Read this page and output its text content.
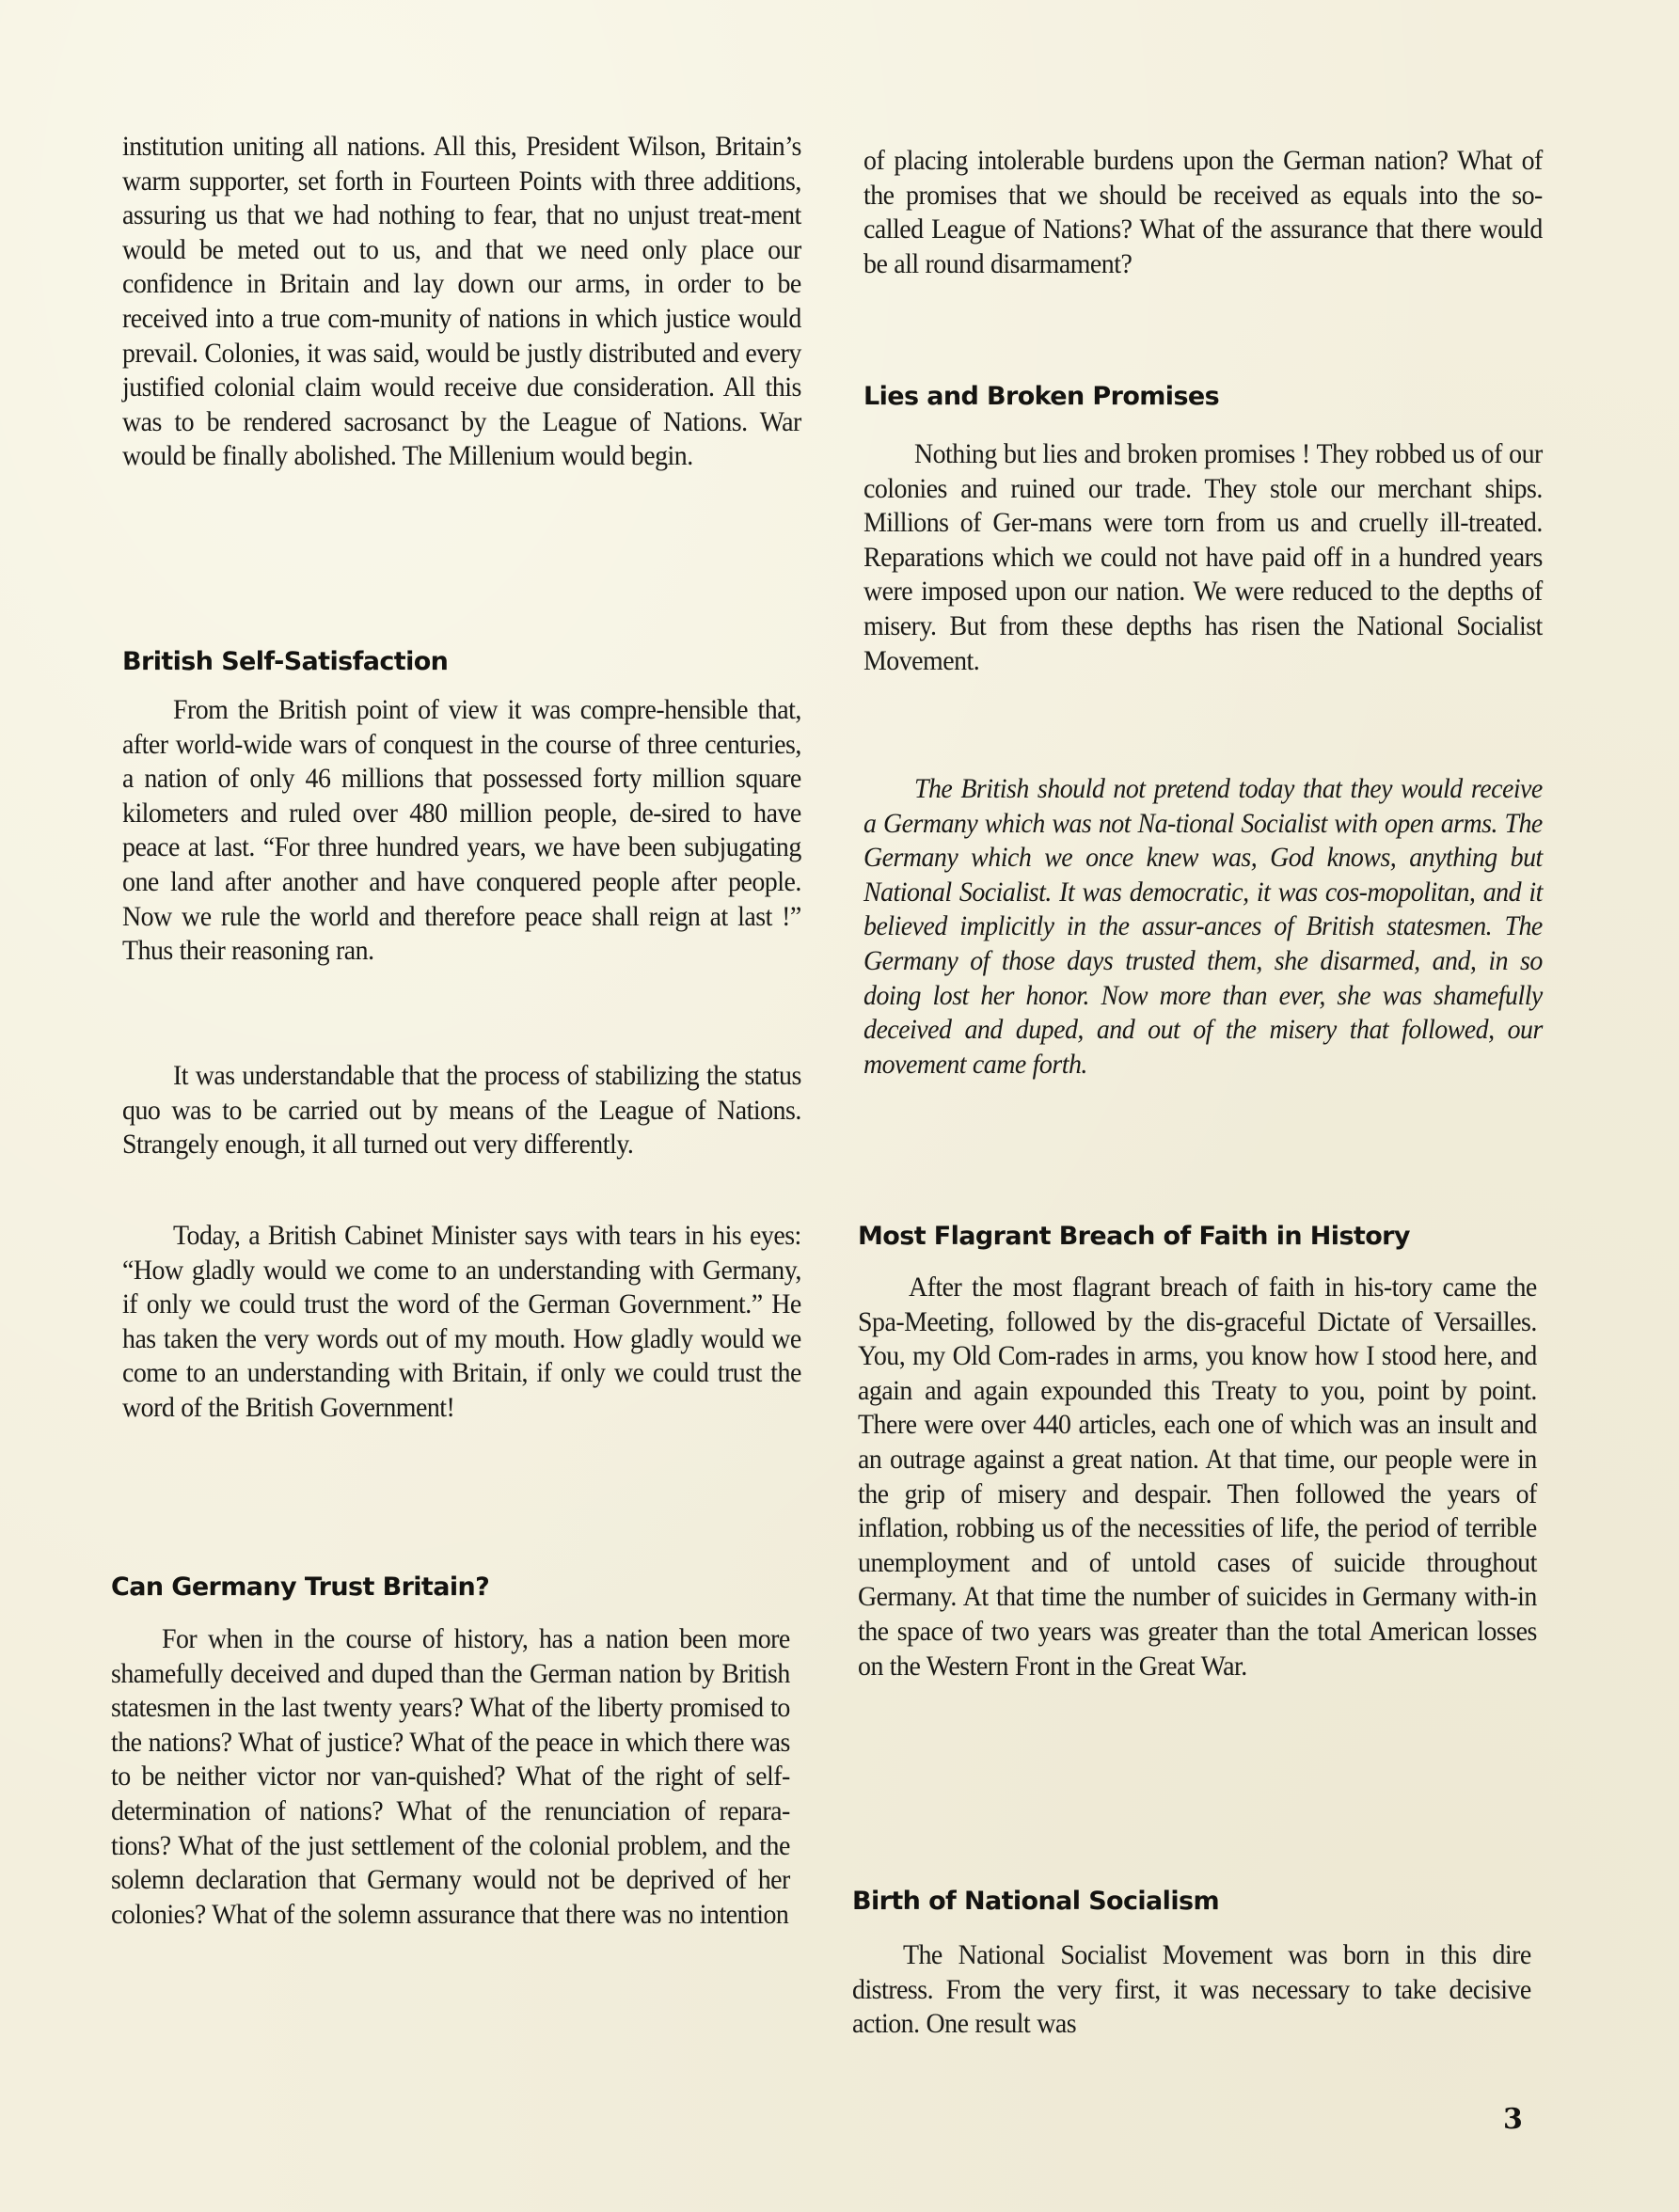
institution uniting all nations. All this, President Wilson, Britain’s warm supporter, set forth in Fourteen Points with three additions, assuring us that we had nothing to fear, that no unjust treat-ment would be meted out to us, and that we need only place our confidence in Britain and lay down our arms, in order to be received into a true com-munity of nations in which justice would prevail. Colonies, it was said, would be justly distributed and every justified colonial claim would receive due consideration. All this was to be rendered sacrosanct by the League of Nations. War would be finally abolished. The Millenium would begin.

British Self-Satisfaction

From the British point of view it was compre-hensible that, after world-wide wars of conquest in the course of three centuries, a nation of only 46 millions that possessed forty million square kilometers and ruled over 480 million people, de-sired to have peace at last. “For three hundred years, we have been subjugating one land after another and have conquered people after people. Now we rule the world and therefore peace shall reign at last !” Thus their reasoning ran.

It was understandable that the process of stabilizing the status quo was to be carried out by means of the League of Nations. Strangely enough, it all turned out very differently.

Today, a British Cabinet Minister says with tears in his eyes: “How gladly would we come to an understanding with Germany, if only we could trust the word of the German Government.” He has taken the very words out of my mouth. How gladly would we come to an understanding with Britain, if only we could trust the word of the British Government!

Can Germany Trust Britain?

For when in the course of history, has a nation been more shamefully deceived and duped than the German nation by British statesmen in the last twenty years? What of the liberty promised to the nations? What of justice? What of the peace in which there was to be neither victor nor van-quished? What of the right of self-determination of nations? What of the renunciation of repara-tions? What of the just settlement of the colonial problem, and the solemn declaration that Germany would not be deprived of her colonies? What of the solemn assurance that there was no intention

of placing intolerable burdens upon the German nation? What of the promises that we should be received as equals into the so-called League of Nations? What of the assurance that there would be all round disarmament?

Lies and Broken Promises

Nothing but lies and broken promises ! They robbed us of our colonies and ruined our trade. They stole our merchant ships. Millions of Ger-mans were torn from us and cruelly ill-treated. Reparations which we could not have paid off in a hundred years were imposed upon our nation. We were reduced to the depths of misery. But from these depths has risen the National Socialist Movement.

The British should not pretend today that they would receive a Germany which was not Na-tional Socialist with open arms. The Germany which we once knew was, God knows, anything but National Socialist. It was democratic, it was cos-mopolitan, and it believed implicitly in the assur-ances of British statesmen. The Germany of those days trusted them, she disarmed, and, in so doing lost her honor. Now more than ever, she was shamefully deceived and duped, and out of the misery that followed, our movement came forth.

Most Flagrant Breach of Faith in History

After the most flagrant breach of faith in his-tory came the Spa-Meeting, followed by the dis-graceful Dictate of Versailles. You, my Old Com-rades in arms, you know how I stood here, and again and again expounded this Treaty to you, point by point. There were over 440 articles, each one of which was an insult and an outrage against a great nation. At that time, our people were in the grip of misery and despair. Then followed the years of inflation, robbing us of the necessities of life, the period of terrible unemployment and of untold cases of suicide throughout Germany. At that time the number of suicides in Germany with-in the space of two years was greater than the total American losses on the Western Front in the Great War.

Birth of National Socialism

The National Socialist Movement was born in this dire distress. From the very first, it was necessary to take decisive action. One result was

3
